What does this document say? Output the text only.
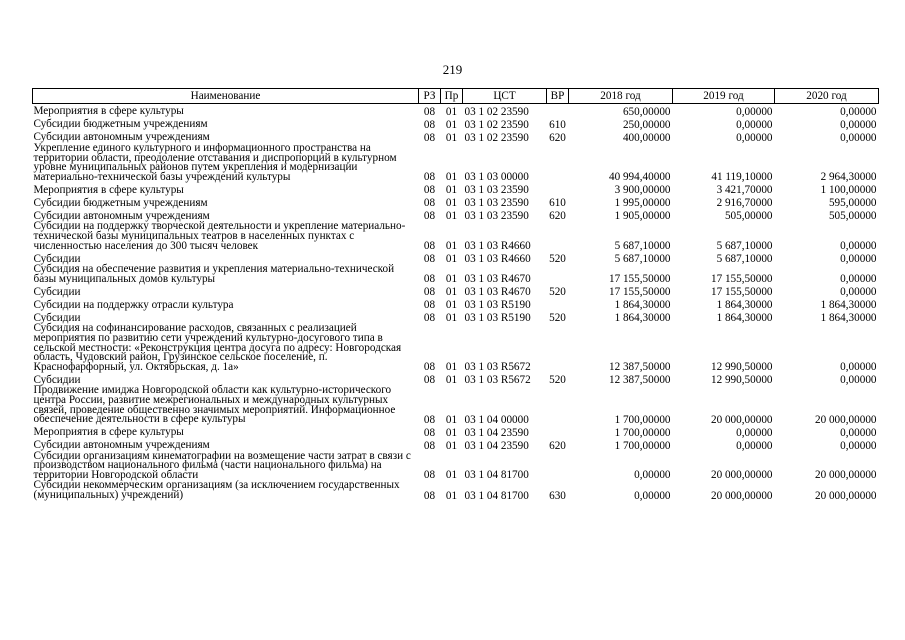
219
Наименование	РЗ	Пр	ЦСТ	ВР	2018 год	2019 год	2020 год
Мероприятия в сфере культуры	08	01	03 1 02 23590		650,00000	0,00000	0,00000
Субсидии бюджетным учреждениям	08	01	03 1 02 23590	610	250,00000	0,00000	0,00000
Субсидии автономным учреждениям	08	01	03 1 02 23590	620	400,00000	0,00000	0,00000
Укрепление единого культурного и информационного пространства на территории области, преодоление отставания и диспропорций в культурном уровне муниципальных районов путем укрепления и модернизации материально-технической базы учреждений культуры	08	01	03 1 03 00000		40 994,40000	41 119,10000	2 964,30000
Мероприятия в сфере культуры	08	01	03 1 03 23590		3 900,00000	3 421,70000	1 100,00000
Субсидии бюджетным учреждениям	08	01	03 1 03 23590	610	1 995,00000	2 916,70000	595,00000
Субсидии автономным учреждениям	08	01	03 1 03 23590	620	1 905,00000	505,00000	505,00000
Субсидии на поддержку творческой деятельности и укрепление материально-технической базы муниципальных театров в населенных пунктах с численностью населения до 300 тысяч человек	08	01	03 1 03 R4660		5 687,10000	5 687,10000	0,00000
Субсидии	08	01	03 1 03 R4660	520	5 687,10000	5 687,10000	0,00000
Субсидия на обеспечение развития и укрепления материально-технической базы муниципальных домов культуры	08	01	03 1 03 R4670		17 155,50000	17 155,50000	0,00000
Субсидии	08	01	03 1 03 R4670	520	17 155,50000	17 155,50000	0,00000
Субсидии на поддержку отрасли культура	08	01	03 1 03 R5190		1 864,30000	1 864,30000	1 864,30000
Субсидии	08	01	03 1 03 R5190	520	1 864,30000	1 864,30000	1 864,30000
Субсидия на софинансирование расходов, связанных с реализацией мероприятия по развитию сети учреждений культурно-досугового типа в сельской местности: «Реконструкция центра досуга по адресу: Новгородская область, Чудовский район, Грузинское сельское поселение, п. Краснофарфорный, ул. Октябрьская, д. 1а»	08	01	03 1 03 R5672		12 387,50000	12 990,50000	0,00000
Субсидии	08	01	03 1 03 R5672	520	12 387,50000	12 990,50000	0,00000
Продвижение имиджа Новгородской области как культурно-исторического центра России, развитие межрегиональных и международных культурных связей, проведение общественно значимых мероприятий. Информационное обеспечение деятельности в сфере культуры	08	01	03 1 04 00000		1 700,00000	20 000,00000	20 000,00000
Мероприятия в сфере культуры	08	01	03 1 04 23590		1 700,00000	0,00000	0,00000
Субсидии автономным учреждениям	08	01	03 1 04 23590	620	1 700,00000	0,00000	0,00000
Субсидии организациям кинематографии на возмещение части затрат в связи с производством национального фильма (части национального фильма) на территории Новгородской области	08	01	03 1 04 81700		0,00000	20 000,00000	20 000,00000
Субсидии некоммерческим организациям (за исключением государственных (муниципальных) учреждений)	08	01	03 1 04 81700	630	0,00000	20 000,00000	20 000,00000
